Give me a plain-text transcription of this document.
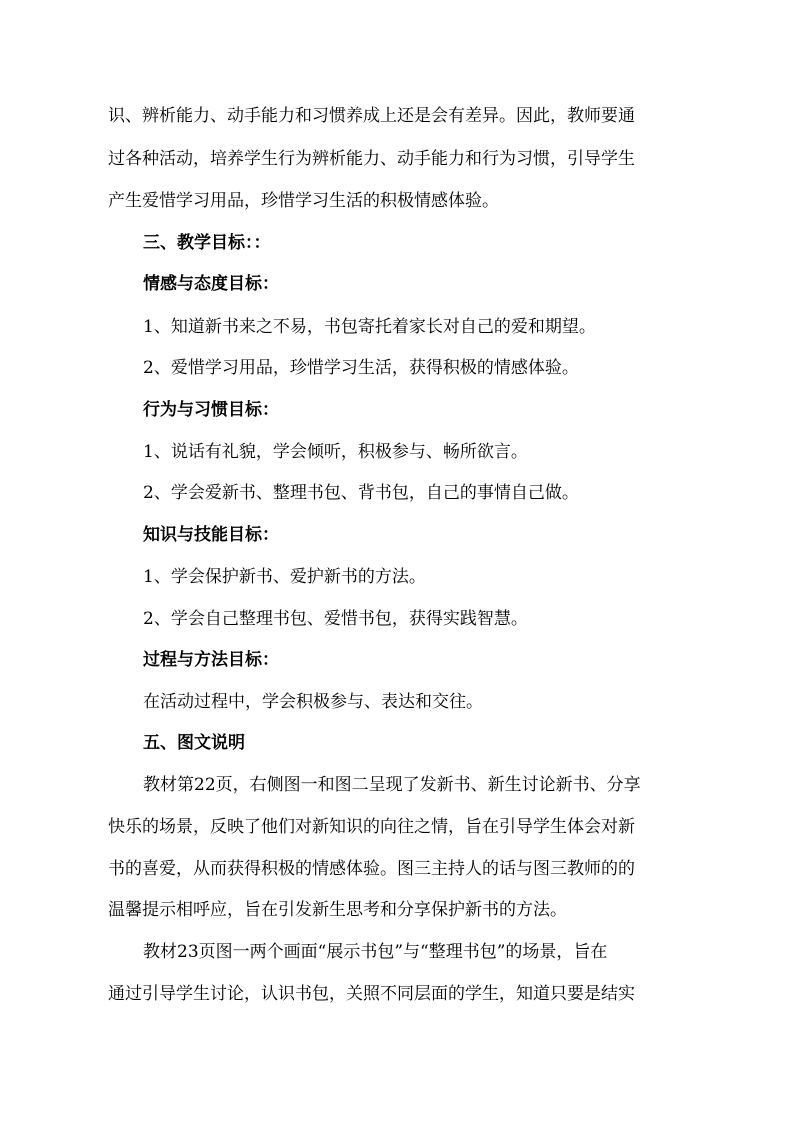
识、辨析能力、动手能力和习惯养成上还是会有差异。因此，教师要通
过各种活动，培养学生行为辨析能力、动手能力和行为习惯，引导学生
产生爱惜学习用品，珍惜学习生活的积极情感体验。
三、教学目标：：
情感与态度目标：
1、知道新书来之不易，书包寄托着家长对自己的爱和期望。
2、爱惜学习用品，珍惜学习生活，获得积极的情感体验。
行为与习惯目标：
1、说话有礼貌，学会倾听，积极参与、畅所欲言。
2、学会爱新书、整理书包、背书包，自己的事情自己做。
知识与技能目标：
1、学会保护新书、爱护新书的方法。
2、学会自己整理书包、爱惜书包，获得实践智慧。
过程与方法目标：
在活动过程中，学会积极参与、表达和交往。
五、图文说明
教材第22页，右侧图一和图二呈现了发新书、新生讨论新书、分享
快乐的场景，反映了他们对新知识的向往之情，旨在引导学生体会对新
书的喜爱，从而获得积极的情感体验。图三主持人的话与图三教师的的
温馨提示相呼应，旨在引发新生思考和分享保护新书的方法。
教材23页图一两个画面“展示书包”与“整理书包”的场景，旨在
通过引导学生讨论，认识书包，关照不同层面的学生，知道只要是结实
